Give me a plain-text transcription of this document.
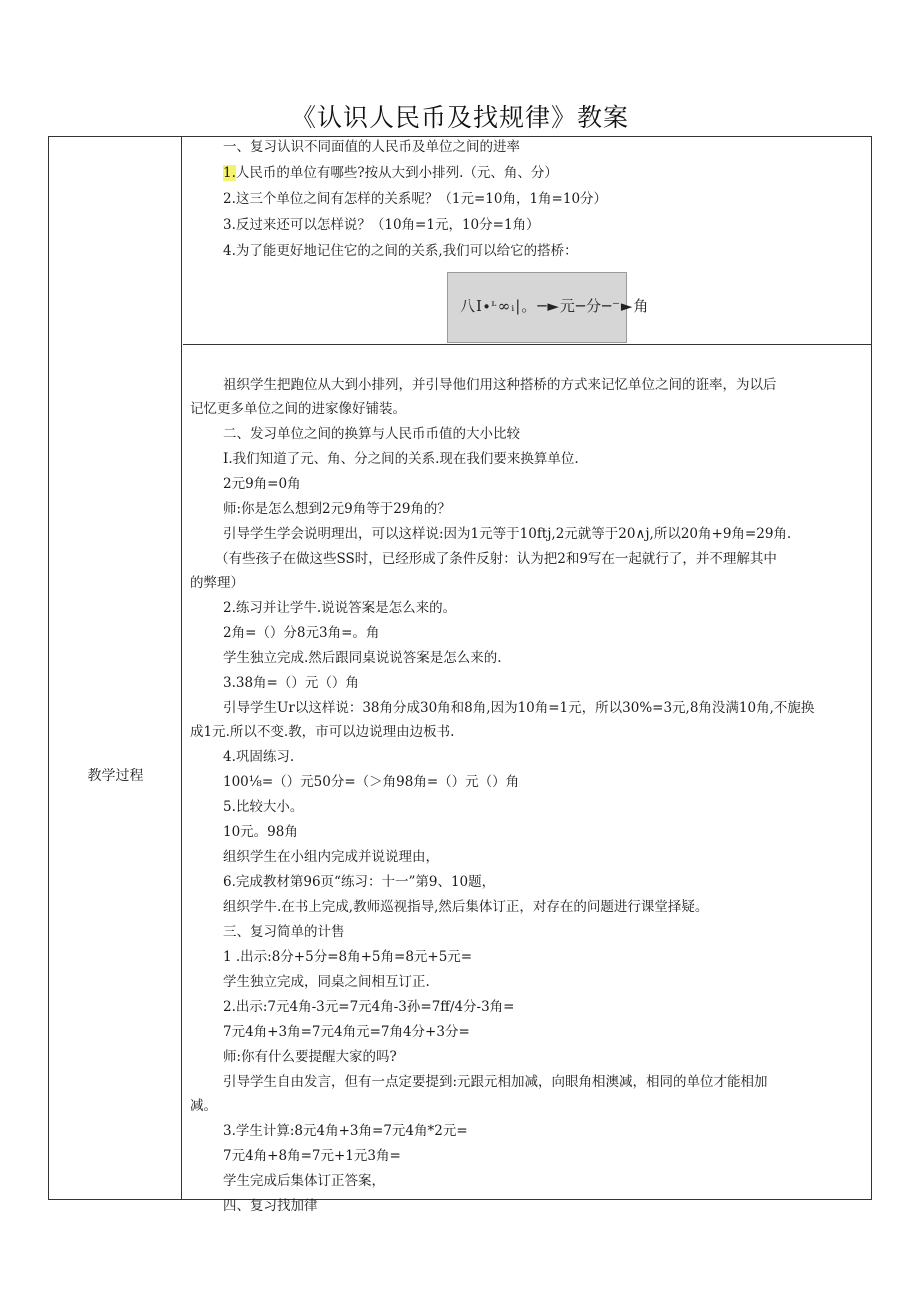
《认识人民币及找规律》教案
教学过程
一、复习认识不同面值的人民币及单位之间的进率
1.人民币的单位有哪些?按从大到小排列.（元、角、分）
2.这三个单位之间有怎样的关系呢？（1元=10角，1角=10分）
3.反过来还可以怎样说？（10角=1元，10分=1角）
4.为了能更好地记住它的之间的关系,我们可以给它的搭桥：
八I∙ᶫ∞ᵢ|。─►元─分─⁻►角
祖织学生把跑位从大到小排列，并引导他们用这种搭桥的方式来记忆单位之间的诳率，为以后
记忆更多单位之间的进家像好铺装。
二、发习单位之间的换算与人民币币值的大小比较
I.我们知道了元、角、分之间的关系.现在我们要来换算单位.
2元9角=0角
师:你是怎么想到2元9角等于29角的？
引导学生学会说明理出，可以这样说:因为1元等于10ftj,2元就等于20∧j,所以20角+9角=29角.
（有些孩子在做这些SS时，已经形成了条件反射：认为把2和9写在一起就行了，并不理解其中
的弊理）
2.练习并让学牛.说说答案是怎么来的。
2角=（）分8元3角=。角
学生独立完成.然后跟同桌说说答案是怎么来的.
3.38角=（）元（）角
引导学生Ur以这样说：38角分成30角和8角,因为10角=1元，所以30%=3元,8角没满10角,不旎换
成1元.所以不变.教，市可以边说理由边板书.
4.巩固练习.
100⅛=（）元50分=（＞角98角=（）元（）角
5.比较大小。
10元。98角
组织学生在小组内完成并说说理由，
6.完成教材第96页“练习：十一”第9、10题，
组织学牛.在书上完成,教师巡视指导,然后集体订正，对存在的问题进行课堂择疑。
三、复习简单的计售
1 .出示:8分+5分=8角+5角=8元+5元=
学生独立完成，同桌之间相互订正.
2.出示:7元4角-3元=7元4角-3孙=7ff∕4分-3角=
7元4角+3角=7元4角元=7角4分+3分=
师:你有什么要提醒大家的吗?
引导学生自由发言，但有一点定要提到:元跟元相加减，向眼角相澳减，相同的单位才能相加
减。
3.学生计算:8元4角+3角=7元4角*2元=
7元4角+8角=7元+1元3角=
学生完成后集体订正答案，
四、复习找加律
